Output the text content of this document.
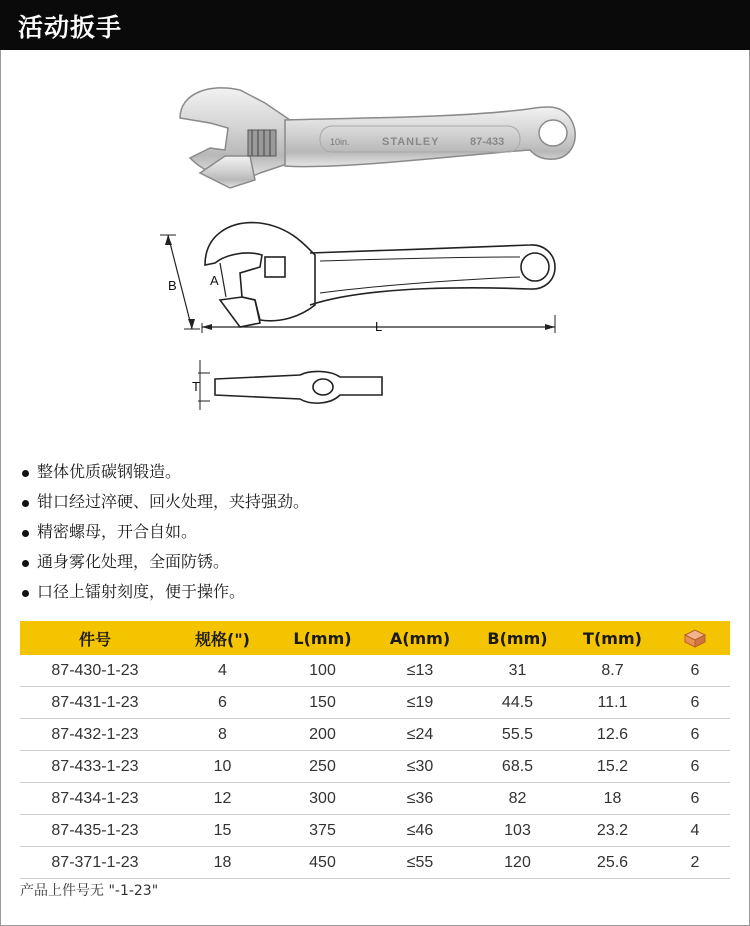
活动扳手
10in.	STANLEY	87-433
B	A
L
T
整体优质碳钢锻造。
钳口经过淬硬、回火处理，夹持强劲。
精密螺母，开合自如。
通身雾化处理，全面防锈。
口径上镭射刻度，便于操作。
件号	规格(")	L(mm)	A(mm)	B(mm)	T(mm)	
87-430-1-23	4	100	≤13	31	8.7	6
87-431-1-23	6	150	≤19	44.5	11.1	6
87-432-1-23	8	200	≤24	55.5	12.6	6
87-433-1-23	10	250	≤30	68.5	15.2	6
87-434-1-23	12	300	≤36	82	18	6
87-435-1-23	15	375	≤46	103	23.2	4
87-371-1-23	18	450	≤55	120	25.6	2
产品上件号无 "-1-23"
